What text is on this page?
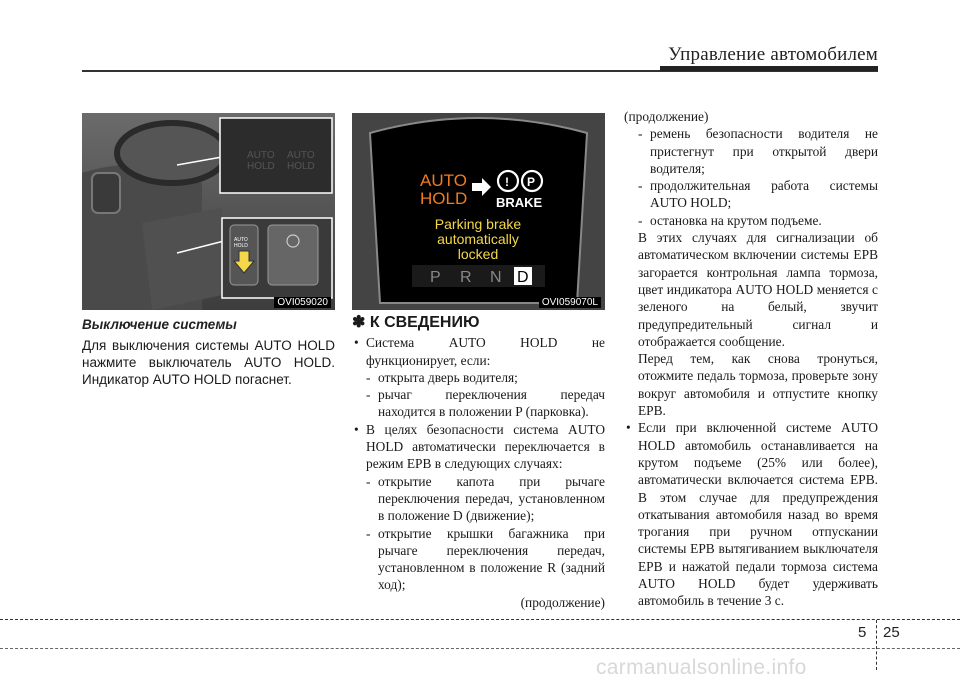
Управление автомобилем
AUTO
HOLD
AUTO
HOLD
AUTO
HOLD
OVI059020
AUTO
HOLD
! P
BRAKE
Parking brake
automatically
locked
P R N D
OVI059070L
Выключение системы
Для выключения системы AUTO HOLD нажмите выключатель AUTO HOLD. Индикатор AUTO HOLD погаснет.
✽ К СВЕДЕНИЮ
• Система AUTO HOLD не функционирует, если:
- открыта дверь водителя;
- рычаг переключения передач находится в положении P (парковка).
• В целях безопасности система AUTO HOLD автоматически переключается в режим EPB в следующих случаях:
- открытие капота при рычаге переключения передач, установленном в положение D (движение);
- открытие крышки багажника при рычаге переключения передач, установленном в положение R (задний ход);
(продолжение)
(продолжение)
- ремень безопасности водителя не пристегнут при открытой двери водителя;
- продолжительная работа системы AUTO HOLD;
- остановка на крутом подъеме.
В этих случаях для сигнализации об автоматическом включении системы EPB загорается контрольная лампа тормоза, цвет индикатора AUTO HOLD меняется с зеленого на белый, звучит предупредительный сигнал и отображается сообщение.
Перед тем, как снова тронуться, отожмите педаль тормоза, проверьте зону вокруг автомобиля и отпустите кнопку EPB.
• Если при включенной системе AUTO HOLD автомобиль останавливается на крутом подъеме (25% или более), автоматически включается система EPB. В этом случае для предупреждения откатывания автомобиля назад во время трогания при ручном отпускании системы EPB вытягиванием выключателя EPB и нажатой педали тормоза система AUTO HOLD будет удерживать автомобиль в течение 3 с.
5 25
carmanualsonline.info
